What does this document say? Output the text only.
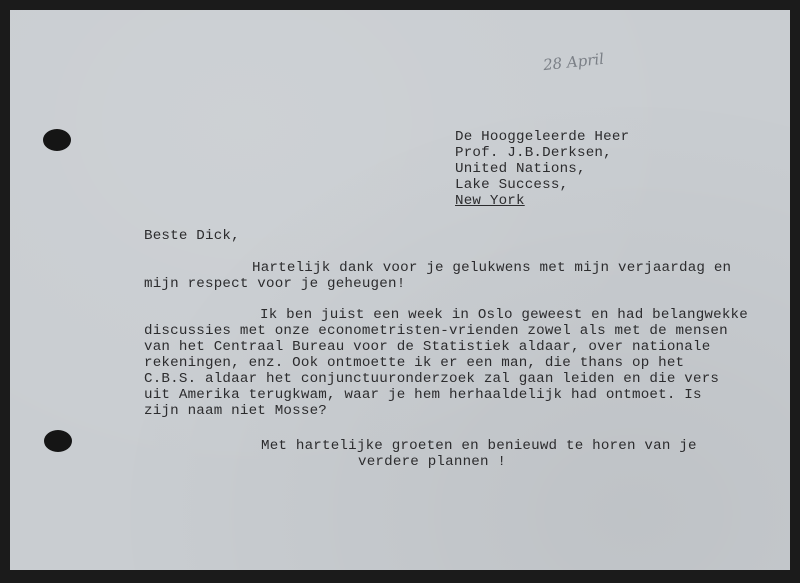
28 April
De Hooggeleerde Heer
Prof. J.B.Derksen,
United Nations,
Lake Success,
New York
Beste Dick,
Hartelijk dank voor je gelukwens met mijn verjaardag en
mijn respect voor je geheugen!
Ik ben juist een week in Oslo geweest en had belangwekke
discussies met onze econometristen-vrienden zowel als met de mensen
van het Centraal Bureau voor de Statistiek aldaar, over nationale
rekeningen, enz. Ook ontmoette ik er een man, die thans op het
C.B.S. aldaar het conjunctuuronderzoek zal gaan leiden en die vers
uit Amerika terugkwam, waar je hem herhaaldelijk had ontmoet. Is
zijn naam niet Mosse?
Met hartelijke groeten en benieuwd te horen van je
verdere plannen !
